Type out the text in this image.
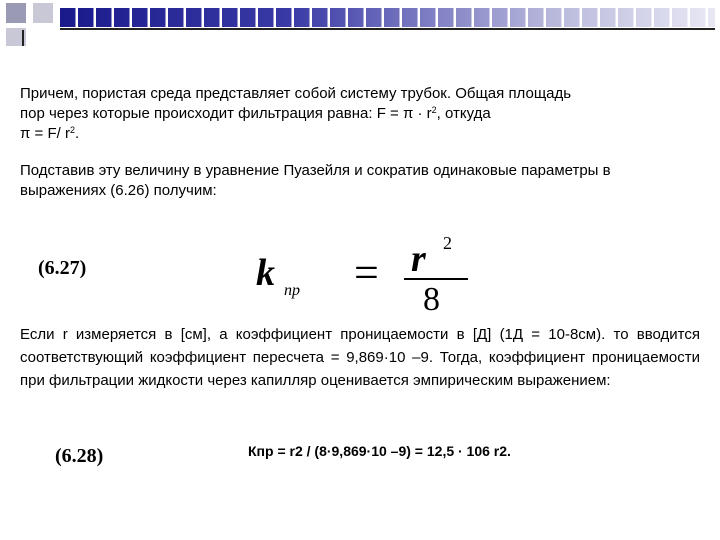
Причем, пористая среда представляет собой систему трубок. Общая площадь
пор через которые происходит фильтрация равна: $F = \pi \cdot r^2$, откуда
π = F/ $r^2$.

Подставив эту величину в уравнение Пуазейля и сократив одинаковые параметры в выражениях (6.26) получим:

(6.27)	k пр = r 2
8

Если r измеряется в [см], а коэффициент проницаемости в [Д] (1Д = 10-8см). то вводится соответствующий коэффициент пересчета = 9,869·10 –9. Тогда, коэффициент проницаемости при фильтрации жидкости через капилляр оценивается эмпирическим выражением:

(6.28)	Кпр = r2 / (8·9,869·10 –9) = 12,5 · 106 r2.
